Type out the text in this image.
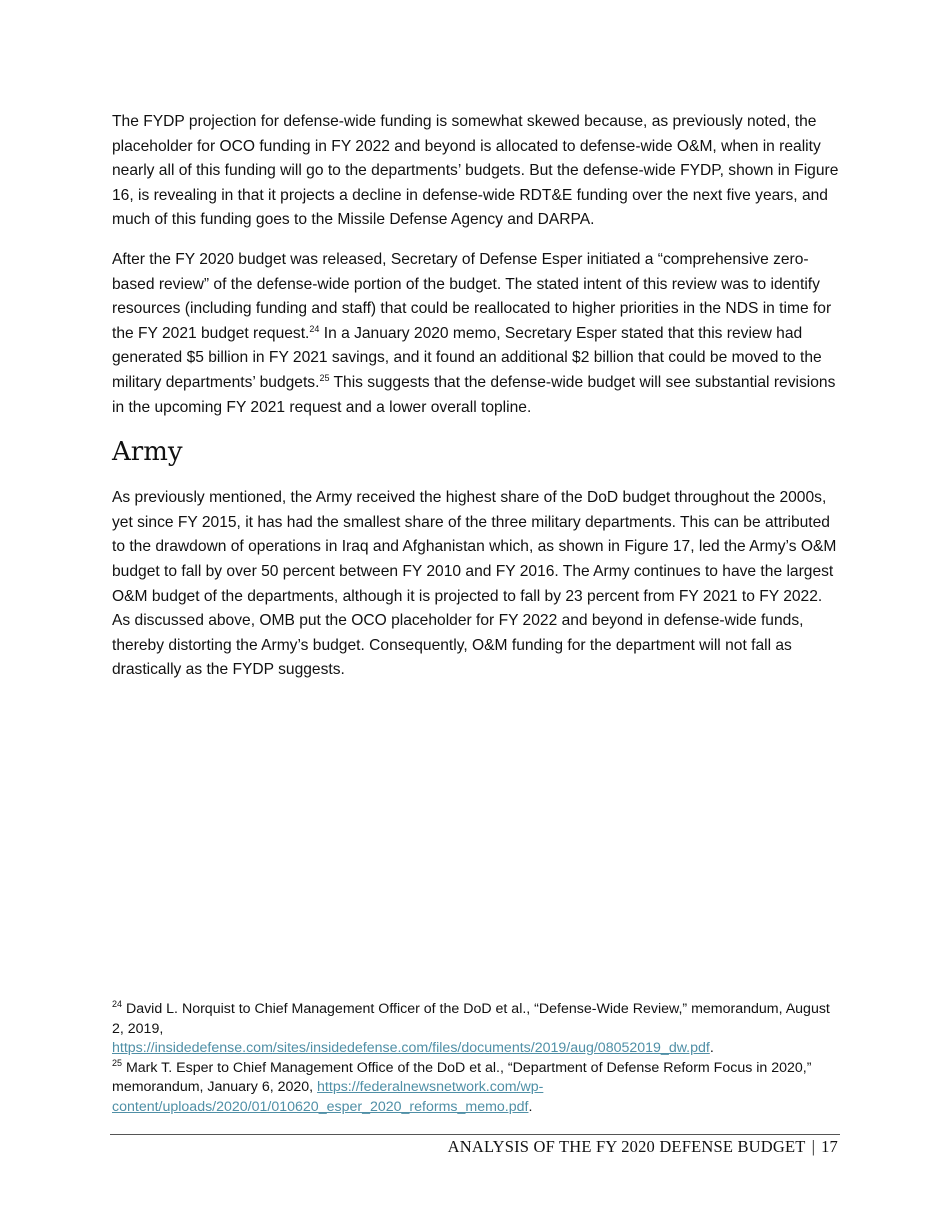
The FYDP projection for defense-wide funding is somewhat skewed because, as previously noted, the placeholder for OCO funding in FY 2022 and beyond is allocated to defense-wide O&M, when in reality nearly all of this funding will go to the departments’ budgets. But the defense-wide FYDP, shown in Figure 16, is revealing in that it projects a decline in defense-wide RDT&E funding over the next five years, and much of this funding goes to the Missile Defense Agency and DARPA.

After the FY 2020 budget was released, Secretary of Defense Esper initiated a “comprehensive zero-based review” of the defense-wide portion of the budget. The stated intent of this review was to identify resources (including funding and staff) that could be reallocated to higher priorities in the NDS in time for the FY 2021 budget request.$^{24}$ In a January 2020 memo, Secretary Esper stated that this review had generated $5 billion in FY 2021 savings, and it found an additional $2 billion that could be moved to the military departments’ budgets.$^{25}$ This suggests that the defense-wide budget will see substantial revisions in the upcoming FY 2021 request and a lower overall topline.

Army

As previously mentioned, the Army received the highest share of the DoD budget throughout the 2000s, yet since FY 2015, it has had the smallest share of the three military departments. This can be attributed to the drawdown of operations in Iraq and Afghanistan which, as shown in Figure 17, led the Army’s O&M budget to fall by over 50 percent between FY 2010 and FY 2016. The Army continues to have the largest O&M budget of the departments, although it is projected to fall by 23 percent from FY 2021 to FY 2022. As discussed above, OMB put the OCO placeholder for FY 2022 and beyond in defense-wide funds, thereby distorting the Army’s budget. Consequently, O&M funding for the department will not fall as drastically as the FYDP suggests.

$^{24}$ David L. Norquist to Chief Management Officer of the DoD et al., “Defense-Wide Review,” memorandum, August 2, 2019,
https://insidedefense.com/sites/insidedefense.com/files/documents/2019/aug/08052019_dw.pdf.

$^{25}$ Mark T. Esper to Chief Management Office of the DoD et al., “Department of Defense Reform Focus in 2020,” memorandum, January 6, 2020, https://federalnewsnetwork.com/wp-
content/uploads/2020/01/010620_esper_2020_reforms_memo.pdf.

ANALYSIS OF THE FY 2020 DEFENSE BUDGET | 17
